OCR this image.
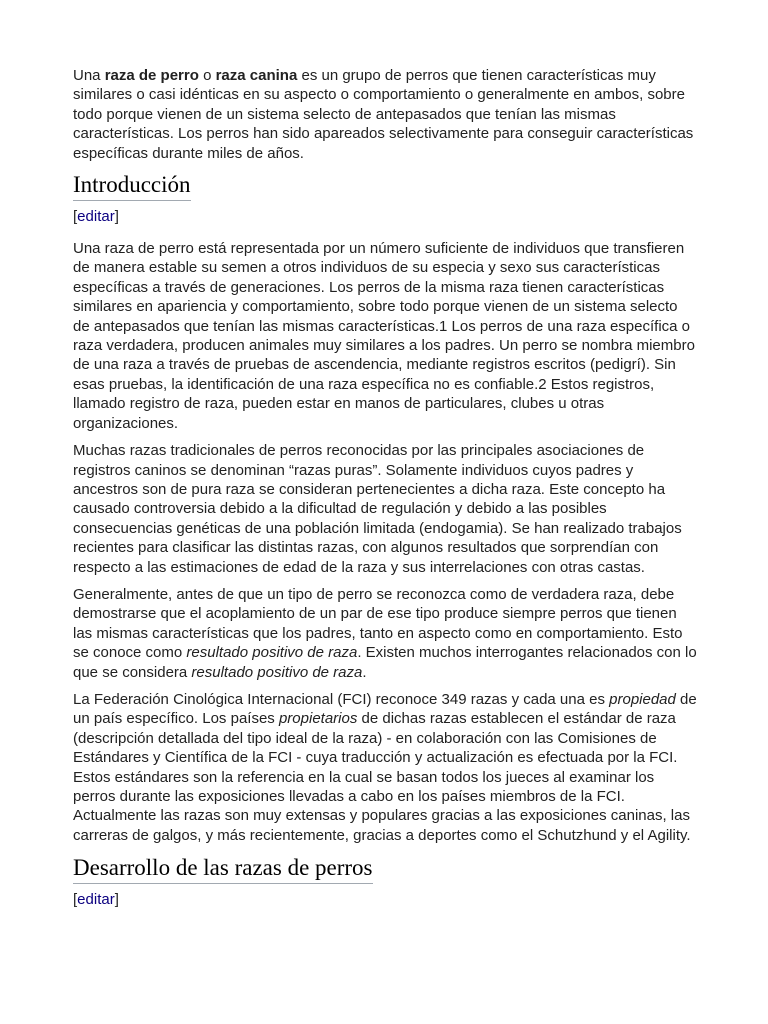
Una raza de perro o raza canina es un grupo de perros que tienen características muy similares o casi idénticas en su aspecto o comportamiento o generalmente en ambos, sobre todo porque vienen de un sistema selecto de antepasados que tenían las mismas características. Los perros han sido apareados selectivamente para conseguir características específicas durante miles de años.

Introducción
[editar]

Una raza de perro está representada por un número suficiente de individuos que transfieren de manera estable su semen a otros individuos de su especia y sexo sus características específicas a través de generaciones. Los perros de la misma raza tienen características similares en apariencia y comportamiento, sobre todo porque vienen de un sistema selecto de antepasados que tenían las mismas características.1 Los perros de una raza específica o raza verdadera, producen animales muy similares a los padres. Un perro se nombra miembro de una raza a través de pruebas de ascendencia, mediante registros escritos (pedigrí). Sin esas pruebas, la identificación de una raza específica no es confiable.2 Estos registros, llamado registro de raza, pueden estar en manos de particulares, clubes u otras organizaciones.

Muchas razas tradicionales de perros reconocidas por las principales asociaciones de registros caninos se denominan “razas puras”. Solamente individuos cuyos padres y ancestros son de pura raza se consideran pertenecientes a dicha raza. Este concepto ha causado controversia debido a la dificultad de regulación y debido a las posibles consecuencias genéticas de una población limitada (endogamia). Se han realizado trabajos recientes para clasificar las distintas razas, con algunos resultados que sorprendían con respecto a las estimaciones de edad de la raza y sus interrelaciones con otras castas.

Generalmente, antes de que un tipo de perro se reconozca como de verdadera raza, debe demostrarse que el acoplamiento de un par de ese tipo produce siempre perros que tienen las mismas características que los padres, tanto en aspecto como en comportamiento. Esto se conoce como resultado positivo de raza. Existen muchos interrogantes relacionados con lo que se considera resultado positivo de raza.

La Federación Cinológica Internacional (FCI) reconoce 349 razas y cada una es propiedad de un país específico. Los países propietarios de dichas razas establecen el estándar de raza (descripción detallada del tipo ideal de la raza) - en colaboración con las Comisiones de Estándares y Científica de la FCI - cuya traducción y actualización es efectuada por la FCI. Estos estándares son la referencia en la cual se basan todos los jueces al examinar los perros durante las exposiciones llevadas a cabo en los países miembros de la FCI. Actualmente las razas son muy extensas y populares gracias a las exposiciones caninas, las carreras de galgos, y más recientemente, gracias a deportes como el Schutzhund y el Agility.

Desarrollo de las razas de perros
[editar]
